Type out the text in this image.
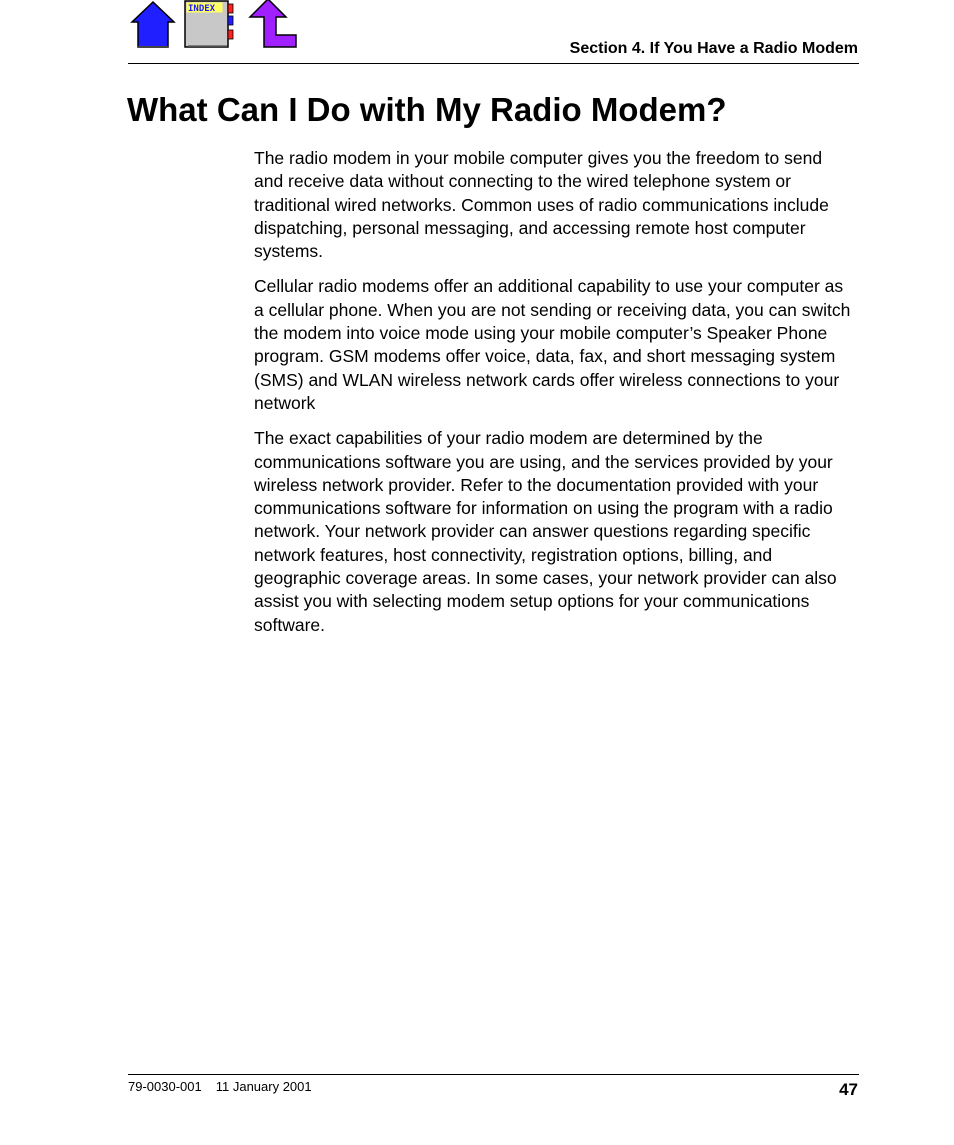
INDEX
Section 4. If You Have a Radio Modem
What Can I Do with My Radio Modem?

The radio modem in your mobile computer gives you the freedom to send and receive data without connecting to the wired telephone system or traditional wired networks. Common uses of radio communications include dispatching, personal messaging, and accessing remote host computer systems.

Cellular radio modems offer an additional capability to use your computer as a cellular phone. When you are not sending or receiving data, you can switch the modem into voice mode using your mobile computer’s Speaker Phone program. GSM modems offer voice, data, fax, and short messaging system (SMS) and WLAN wireless network cards offer wireless connections to your network

The exact capabilities of your radio modem are determined by the communications software you are using, and the services provided by your wireless network provider. Refer to the documentation provided with your communications software for information on using the program with a radio network. Your network provider can answer questions regarding specific network features, host connectivity, registration options, billing, and geographic coverage areas. In some cases, your network provider can also assist you with selecting modem setup options for your communications software.

79-0030-001 11 January 2001	47
